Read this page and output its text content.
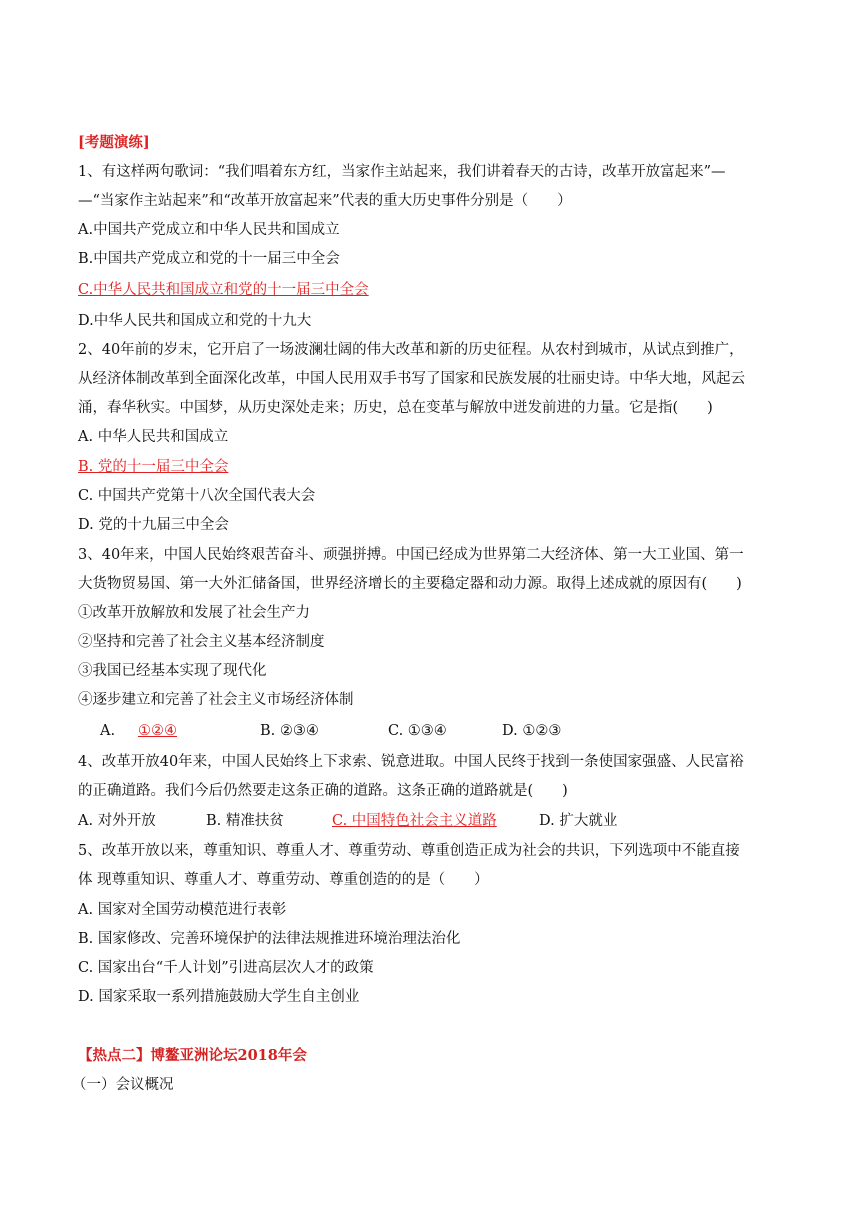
[考题演练]
1、有这样两句歌词：“我们唱着东方红，当家作主站起来，我们讲着春天的古诗，改革开放富起来”—
—“当家作主站起来”和“改革开放富起来”代表的重大历史事件分别是（　　）
A.中国共产党成立和中华人民共和国成立
B.中国共产党成立和党的十一届三中全会
C.中华人民共和国成立和党的十一届三中全会
D.中华人民共和国成立和党的十九大
2、40年前的岁末，它开启了一场波澜壮阔的伟大改革和新的历史征程。从农村到城市，从试点到推广，
从经济体制改革到全面深化改革，中国人民用双手书写了国家和民族发展的壮丽史诗。中华大地，风起云
涌，春华秋实。中国梦，从历史深处走来；历史，总在变革与解放中迸发前进的力量。它是指(　　)
A. 中华人民共和国成立
B. 党的十一届三中全会
C. 中国共产党第十八次全国代表大会
D. 党的十九届三中全会
3、40年来，中国人民始终艰苦奋斗、顽强拼搏。中国已经成为世界第二大经济体、第一大工业国、第一
大货物贸易国、第一大外汇储备国，世界经济增长的主要稳定器和动力源。取得上述成就的原因有(　　)
①改革开放解放和发展了社会生产力
②坚持和完善了社会主义基本经济制度
③我国已经基本实现了现代化
④逐步建立和完善了社会主义市场经济体制
A. ①②④	B. ②③④	C. ①③④	D. ①②③
4、改革开放40年来，中国人民始终上下求索、锐意进取。中国人民终于找到一条使国家强盛、人民富裕
的正确道路。我们今后仍然要走这条正确的道路。这条正确的道路就是(　　)
A. 对外开放	B. 精准扶贫	C. 中国特色社会主义道路	D. 扩大就业
5、改革开放以来，尊重知识、尊重人才、尊重劳动、尊重创造正成为社会的共识，下列选项中不能直接
体 现尊重知识、尊重人才、尊重劳动、尊重创造的的是（　　）
A. 国家对全国劳动模范进行表彰
B. 国家修改、完善环境保护的法律法规推进环境治理法治化
C. 国家出台“千人计划”引进高层次人才的政策
D. 国家采取一系列措施鼓励大学生自主创业
【热点二】博鳌亚洲论坛2018年会
（一）会议概况
